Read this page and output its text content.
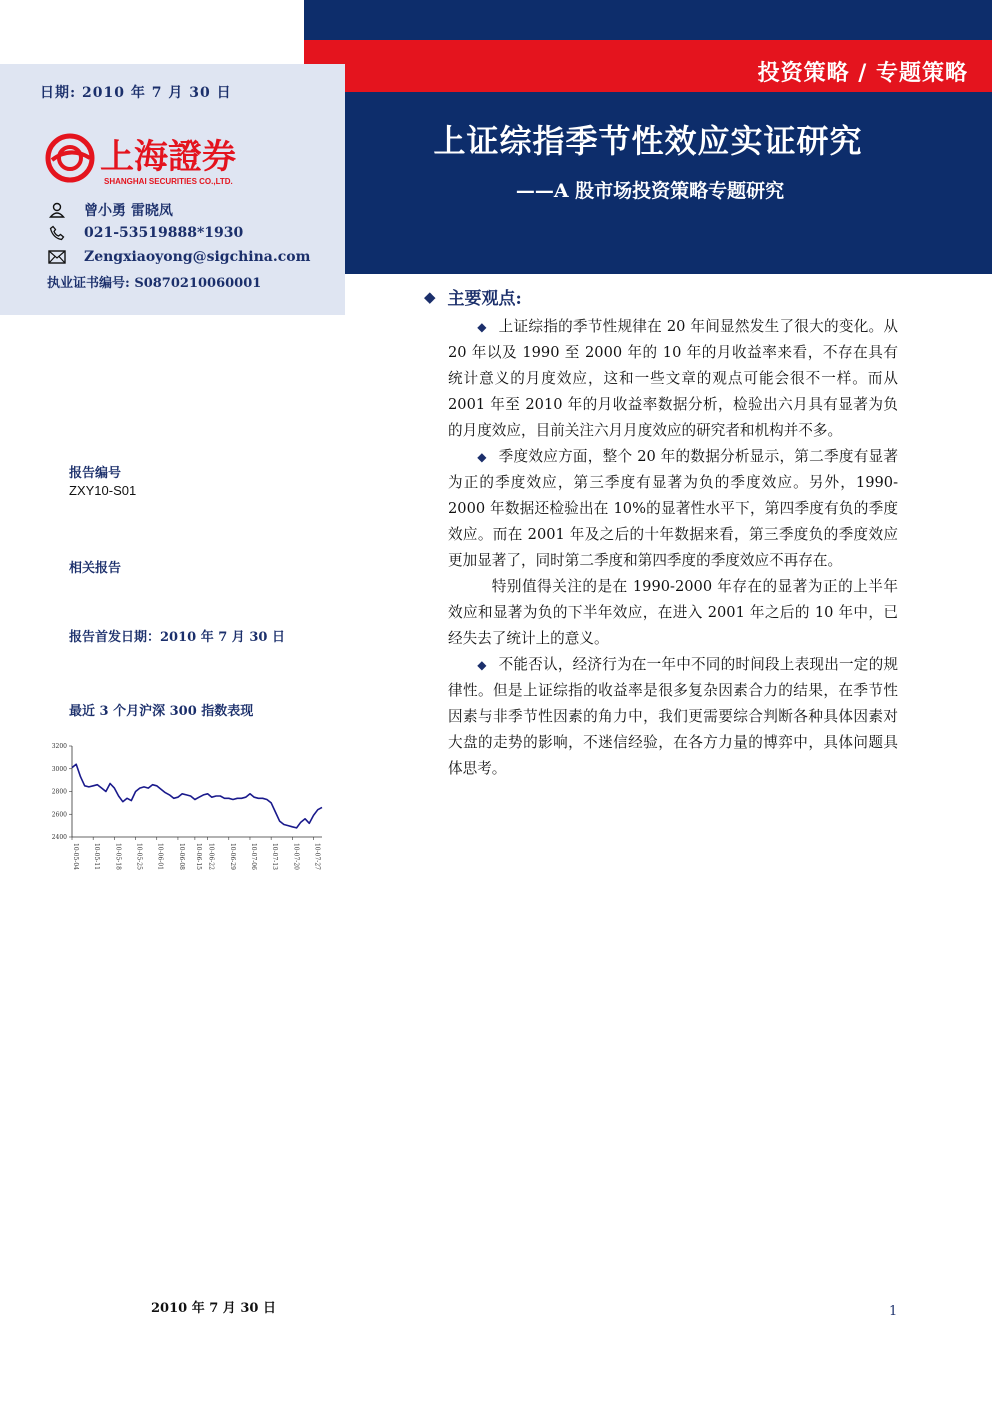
投资策略 / 专题策略
上证综指季节性效应实证研究
——A 股市场投资策略专题研究
日期: 2010 年 7 月 30 日
上海證券
SHANGHAI SECURITIES CO.,LTD.
曾小勇 雷晓凤
021-53519888*1930
Zengxiaoyong@sigchina.com
执业证书编号: S0870210060001
◆ 主要观点:

◆ 上证综指的季节性规律在 20 年间显然发生了很大的变化。从 20 年以及 1990 至 2000 年的 10 年的月收益率来看，不存在具有统计意义的月度效应，这和一些文章的观点可能会很不一样。而从 2001 年至 2010 年的月收益率数据分析，检验出六月具有显著为负的月度效应，目前关注六月月度效应的研究者和机构并不多。

◆ 季度效应方面，整个 20 年的数据分析显示，第二季度有显著为正的季度效应，第三季度有显著为负的季度效应。另外，1990-2000 年数据还检验出在 10%的显著性水平下，第四季度有负的季度效应。而在 2001 年及之后的十年数据来看，第三季度负的季度效应更加显著了，同时第二季度和第四季度的季度效应不再存在。

特别值得关注的是在 1990-2000 年存在的显著为正的上半年效应和显著为负的下半年效应，在进入 2001 年之后的 10 年中，已经失去了统计上的意义。

◆ 不能否认，经济行为在一年中不同的时间段上表现出一定的规律性。但是上证综指的收益率是很多复杂因素合力的结果，在季节性因素与非季节性因素的角力中，我们更需要综合判断各种具体因素对大盘的走势的影响，不迷信经验，在各方力量的博弈中，具体问题具体思考。

报告编号
ZXY10-S01
相关报告
报告首发日期：2010 年 7 月 30 日
最近 3 个月沪深 300 指数表现
2400
2600
2800
3000
3200
10-05-04 10-05-11 10-05-18 10-05-25 10-06-01 10-06-08 10-06-15 10-06-22 10-06-29 10-07-06 10-07-13 10-07-20 10-07-27
2010 年 7 月 30 日	1
